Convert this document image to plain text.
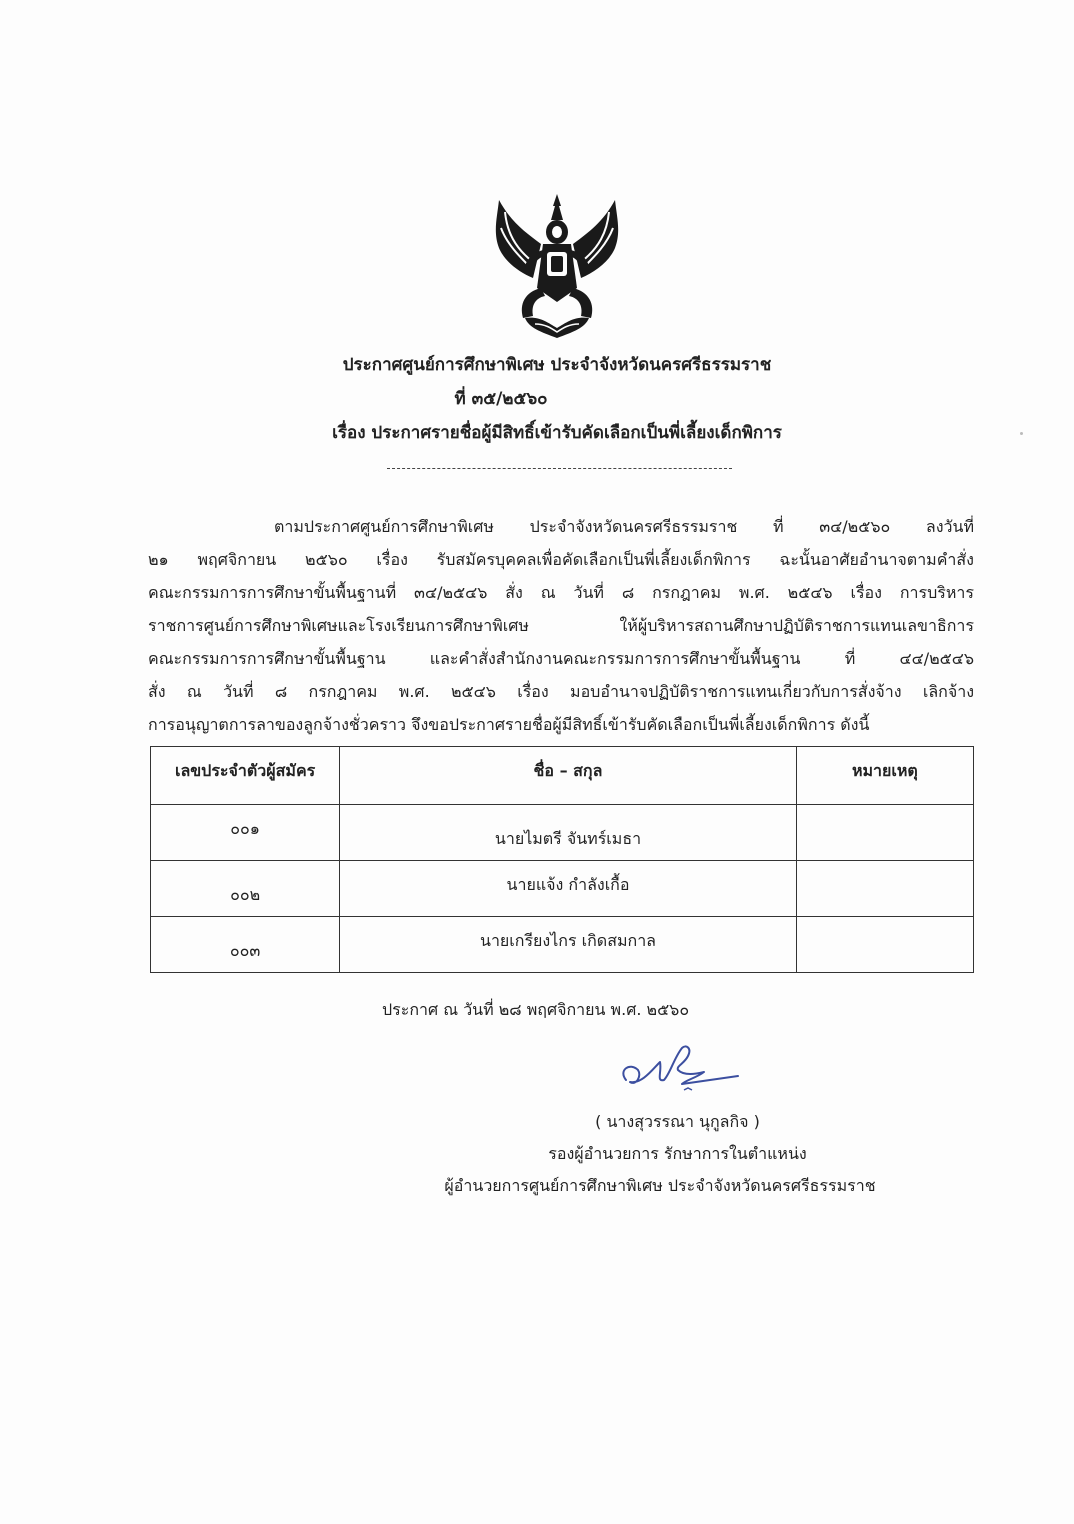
ประกาศศูนย์การศึกษาพิเศษ ประจำจังหวัดนครศรีธรรมราช
ที่ ๓๕/๒๕๖๐
เรื่อง ประกาศรายชื่อผู้มีสิทธิ์เข้ารับคัดเลือกเป็นพี่เลี้ยงเด็กพิการ
ตามประกาศศูนย์การศึกษาพิเศษ ประจำจังหวัดนครศรีธรรมราช ที่ ๓๔/๒๕๖๐ ลงวันที่
๒๑ พฤศจิกายน ๒๕๖๐ เรื่อง รับสมัครบุคคลเพื่อคัดเลือกเป็นพี่เลี้ยงเด็กพิการ ฉะนั้นอาศัยอำนาจตามคำสั่ง
คณะกรรมการการศึกษาขั้นพื้นฐานที่ ๓๔/๒๕๔๖ สั่ง ณ วันที่ ๘ กรกฎาคม พ.ศ. ๒๕๔๖ เรื่อง การบริหาร
ราชการศูนย์การศึกษาพิเศษและโรงเรียนการศึกษาพิเศษ ให้ผู้บริหารสถานศึกษาปฏิบัติราชการแทนเลขาธิการ
คณะกรรมการการศึกษาขั้นพื้นฐาน และคำสั่งสำนักงานคณะกรรมการการศึกษาขั้นพื้นฐาน ที่ ๔๔/๒๕๔๖
สั่ง ณ วันที่ ๘ กรกฎาคม พ.ศ. ๒๕๔๖ เรื่อง มอบอำนาจปฏิบัติราชการแทนเกี่ยวกับการสั่งจ้าง เลิกจ้าง
การอนุญาตการลาของลูกจ้างชั่วคราว จึงขอประกาศรายชื่อผู้มีสิทธิ์เข้ารับคัดเลือกเป็นพี่เลี้ยงเด็กพิการ ดังนี้
เลขประจำตัวผู้สมัคร	ชื่อ – สกุล	หมายเหตุ
๐๐๑	นายไมตรี จันทร์เมธา	
๐๐๒	นายแจ้ง กำลังเกื้อ	
๐๐๓	นายเกรียงไกร เกิดสมกาล	
ประกาศ ณ วันที่ ๒๘ พฤศจิกายน พ.ศ. ๒๕๖๐
( นางสุวรรณา นุกูลกิจ )
รองผู้อำนวยการ รักษาการในตำแหน่ง
ผู้อำนวยการศูนย์การศึกษาพิเศษ ประจำจังหวัดนครศรีธรรมราช
